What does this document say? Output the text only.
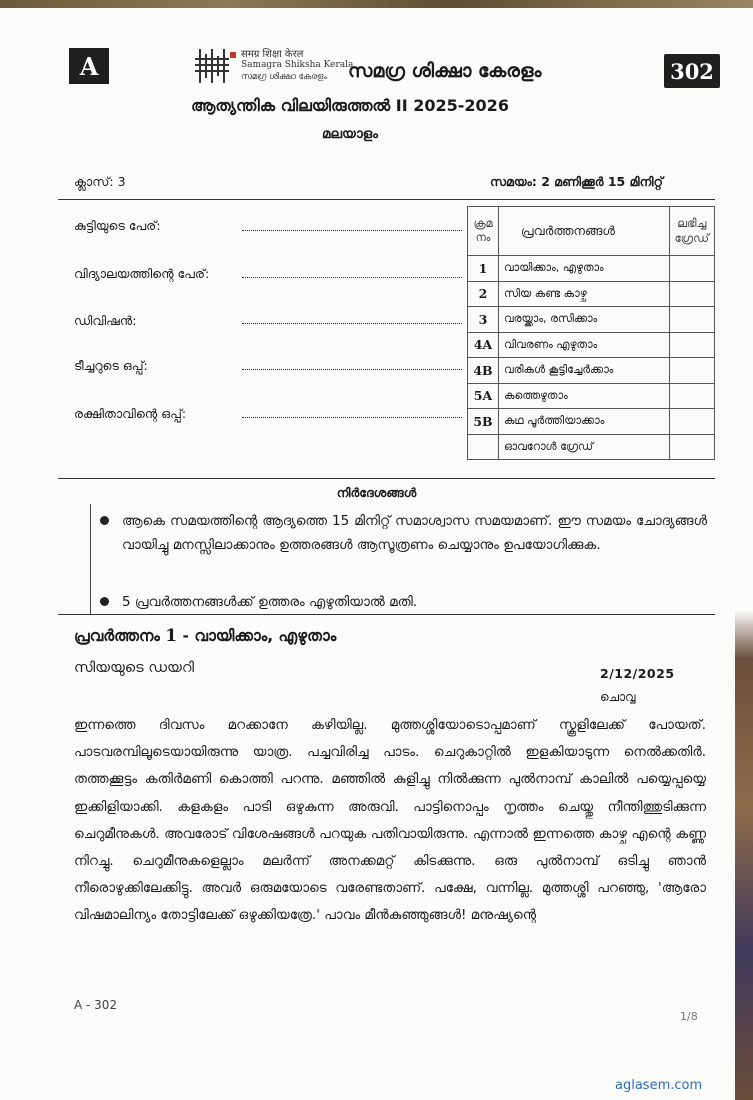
A	समग्र शिक्षा केरल
Samagra Shiksha Kerala
സമഗ്ര ശിക്ഷാ കേരളം സമഗ്ര ശിക്ഷാ കേരളം	302
ആത്യന്തിക വിലയിരുത്തൽ II 2025-2026
മലയാളം
ക്ലാസ്: 3	സമയം: 2 മണിക്കൂർ 15 മിനിറ്റ്
കുട്ടിയുടെ പേര്:
വിദ്യാലയത്തിന്റെ പേര്:
ഡിവിഷൻ:
ടീച്ചറുടെ ഒപ്പ്:
രക്ഷിതാവിന്റെ ഒപ്പ്:
ക്രമ നം	പ്രവർത്തനങ്ങൾ	ലഭിച്ച ഗ്രേഡ്
1	വായിക്കാം, എഴുതാം	
2	സിയ കണ്ട കാഴ്ച	
3	വരയ്ക്കാം, രസിക്കാം	
4A	വിവരണം എഴുതാം	
4B	വരികൾ കൂട്ടിച്ചേർക്കാം	
5A	കത്തെഴുതാം	
5B	കഥ പൂർത്തിയാക്കാം	
	ഓവറോൾ ഗ്രേഡ്	
നിർദേശങ്ങൾ
ആകെ സമയത്തിന്റെ ആദ്യത്തെ 15 മിനിറ്റ് സമാശ്വാസ സമയമാണ്. ഈ സമയം ചോദ്യങ്ങൾ വായിച്ചു മനസ്സിലാക്കാനും ഉത്തരങ്ങൾ ആസൂത്രണം ചെയ്യാനും ഉപയോഗിക്കുക.
5 പ്രവർത്തനങ്ങൾക്ക് ഉത്തരം എഴുതിയാൽ മതി.
പ്രവർത്തനം 1 - വായിക്കാം, എഴുതാം
സിയയുടെ ഡയറി	2/12/2025
ചൊവ്വ
ഇന്നത്തെ ദിവസം മറക്കാനേ കഴിയില്ല. മുത്തശ്ശിയോടൊപ്പമാണ് സ്കൂളിലേക്ക് പോയത്. പാടവരമ്പിലൂടെയായിരുന്നു യാത്ര. പച്ചവിരിച്ച പാടം. ചെറുകാറ്റിൽ ഇളകിയാടുന്ന നെൽക്കതിർ. തത്തക്കൂട്ടം കതിർമണി കൊത്തി പറന്നു. മഞ്ഞിൽ കുളിച്ചു നിൽക്കുന്ന പുൽനാമ്പ് കാലിൽ പയ്യെപ്പയ്യെ ഇക്കിളിയാക്കി. കളകളം പാടി ഒഴുകുന്ന അരുവി. പാട്ടിനൊപ്പം നൃത്തം ചെയ്തു നീന്തിത്തുടിക്കുന്ന ചെറുമീനുകൾ. അവരോട് വിശേഷങ്ങൾ പറയുക പതിവായിരുന്നു. എന്നാൽ ഇന്നത്തെ കാഴ്ച എന്റെ കണ്ണു നിറച്ചു. ചെറുമീനുകളെല്ലാം മലർന്ന് അനക്കമറ്റ് കിടക്കുന്നു. ഒരു പുൽനാമ്പ് ഒടിച്ചു ഞാൻ നീരൊഴുക്കിലേക്കിട്ടു. അവർ ഒരുമയോടെ വരേണ്ടതാണ്. പക്ഷേ, വന്നില്ല. മുത്തശ്ശി പറഞ്ഞു, 'ആരോ വിഷമാലിന്യം തോട്ടിലേക്ക് ഒഴുക്കിയത്രേ.' പാവം മീൻകുഞ്ഞുങ്ങൾ! മനുഷ്യന്റെ
A - 302
1/8
aglasem.com
